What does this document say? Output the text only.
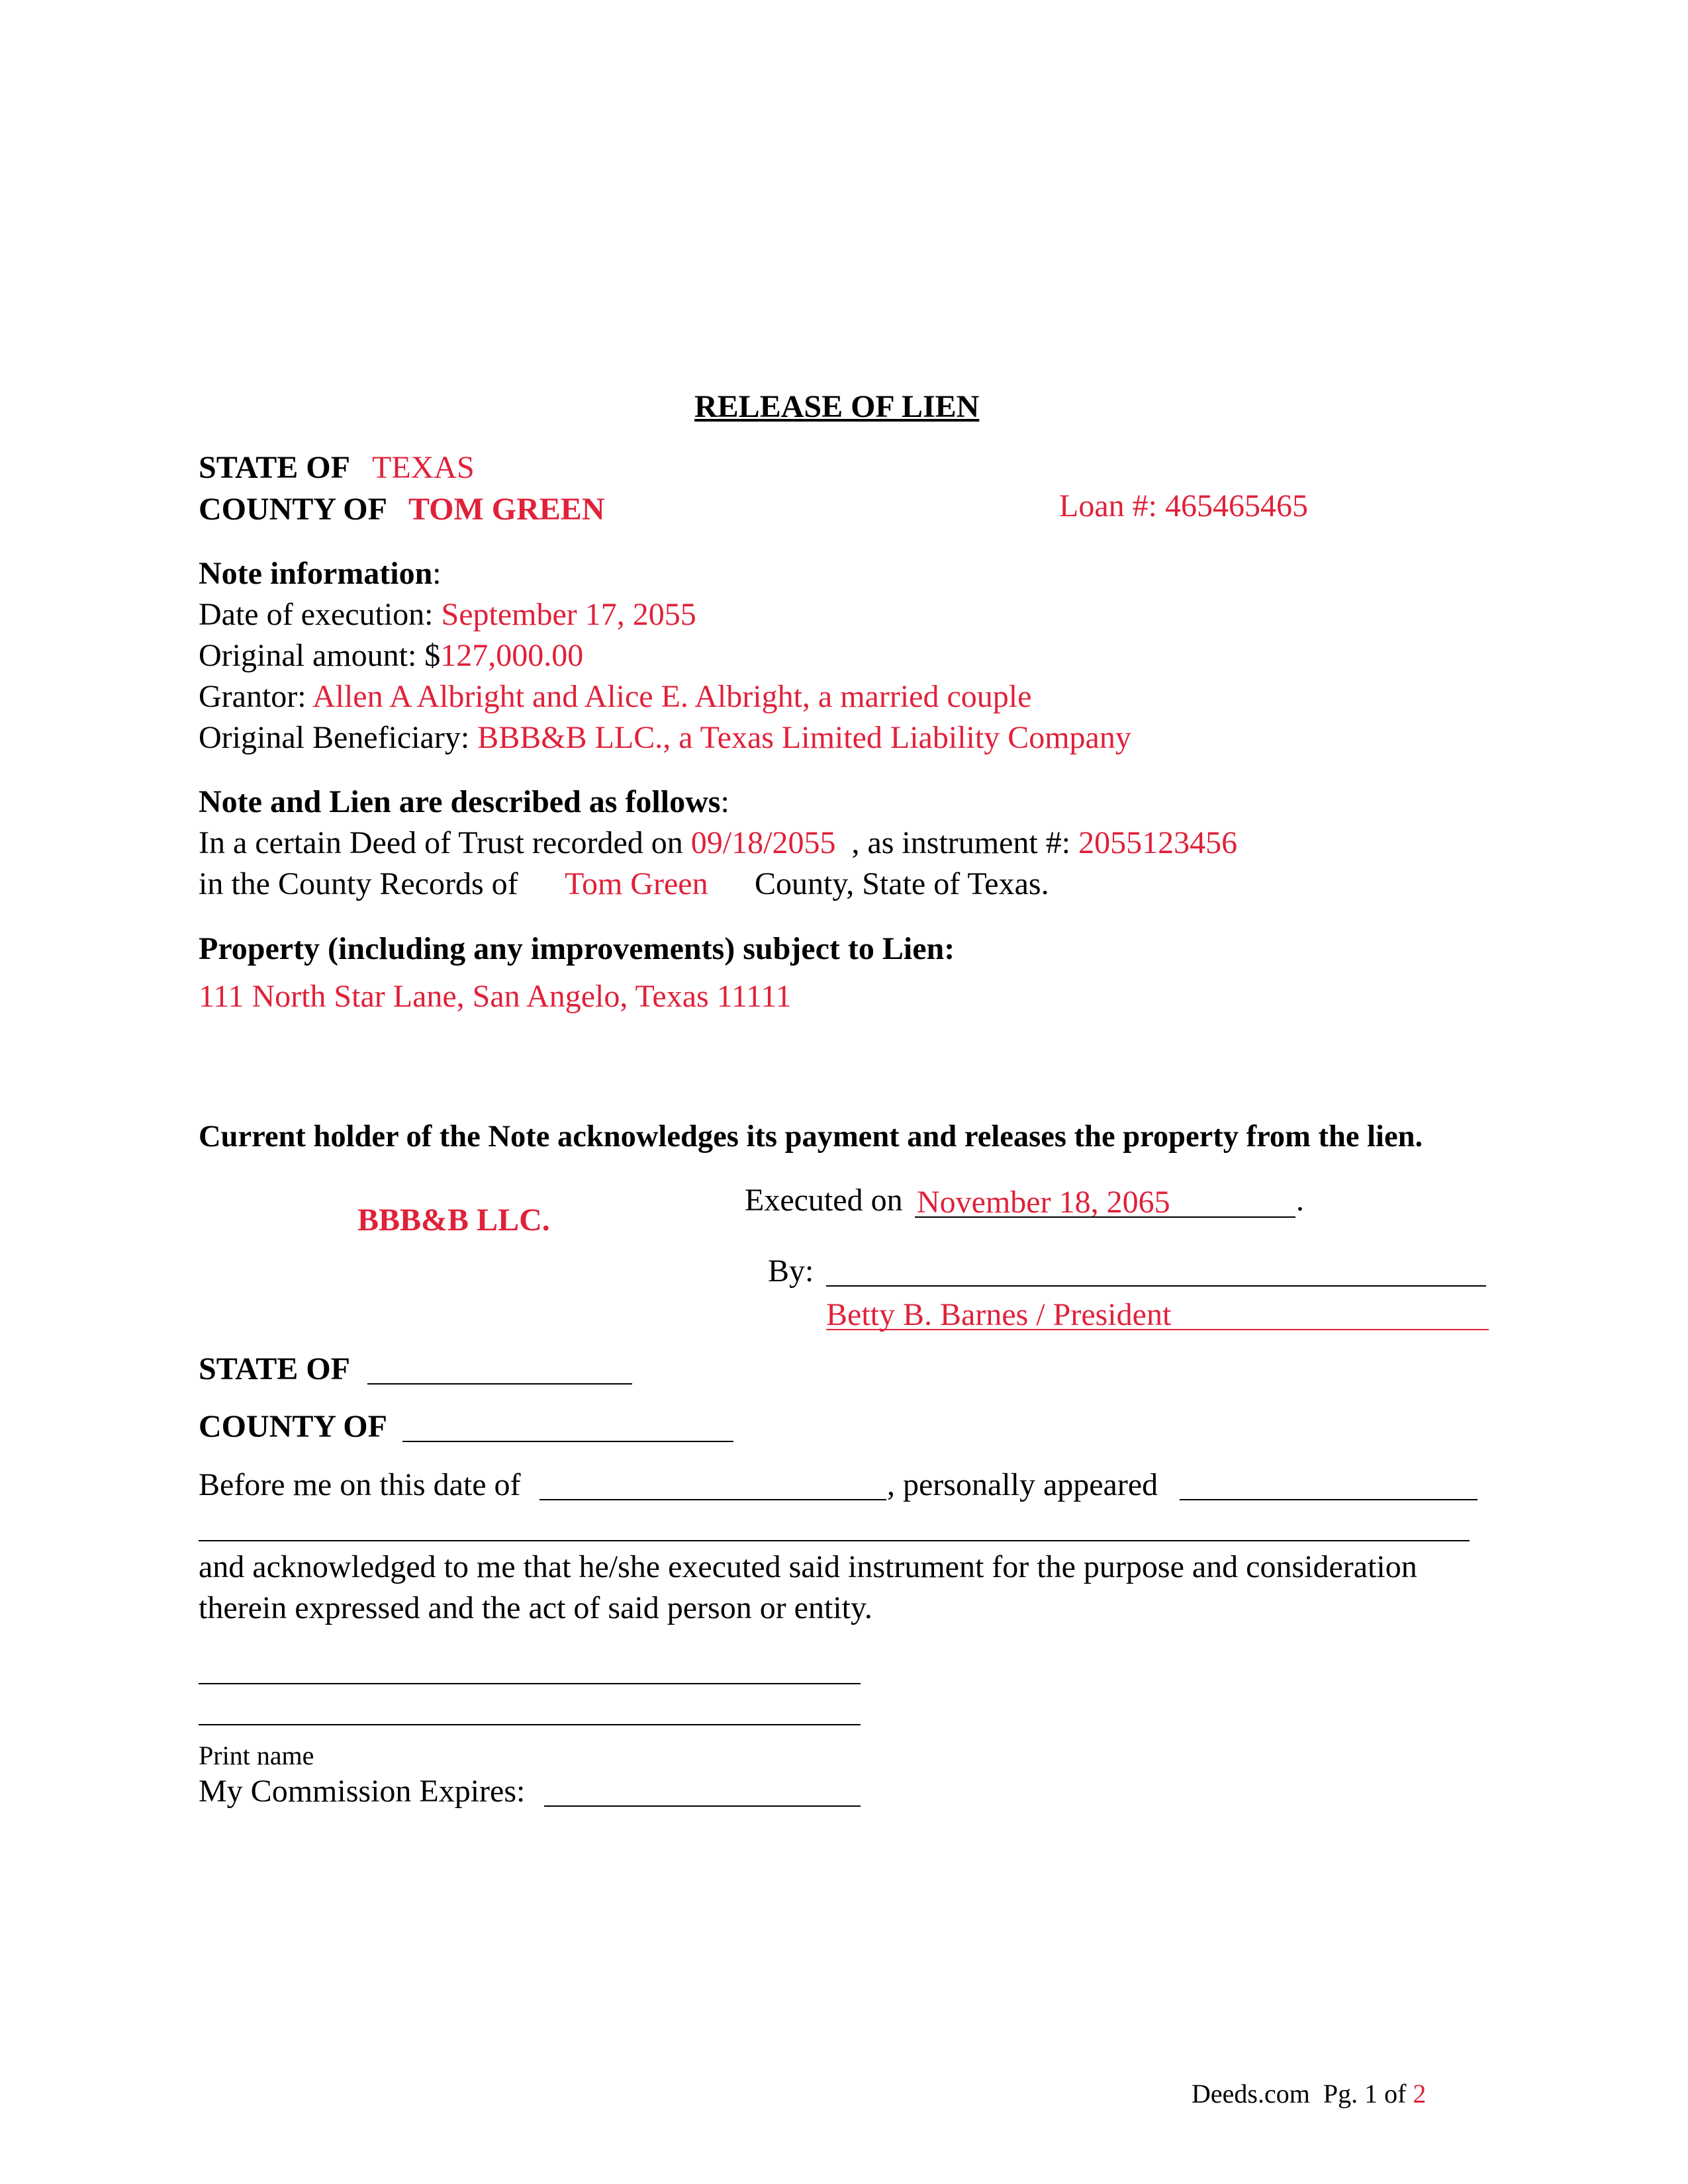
RELEASE OF LIEN
STATE OF TEXAS
COUNTY OF TOM GREEN	Loan #: 465465465
Note information:
Date of execution: September 17, 2055
Original amount: $127,000.00
Grantor: Allen A Albright and Alice E. Albright, a married couple
Original Beneficiary: BBB&B LLC., a Texas Limited Liability Company
Note and Lien are described as follows:
In a certain Deed of Trust recorded on 09/18/2055 , as instrument #: 2055123456
in the County Records of Tom Green County, State of Texas.
Property (including any improvements) subject to Lien:
111 North Star Lane, San Angelo, Texas 11111
Current holder of the Note acknowledges its payment and releases the property from the lien.
BBB&B LLC.
Executed on November 18, 2065	.
By:
Betty B. Barnes / President
STATE OF
COUNTY OF
Before me on this date of	, personally appeared
and acknowledged to me that he/she executed said instrument for the purpose and consideration
therein expressed and the act of said person or entity.
Print name
My Commission Expires:
Deeds.com Pg. 1 of 2
